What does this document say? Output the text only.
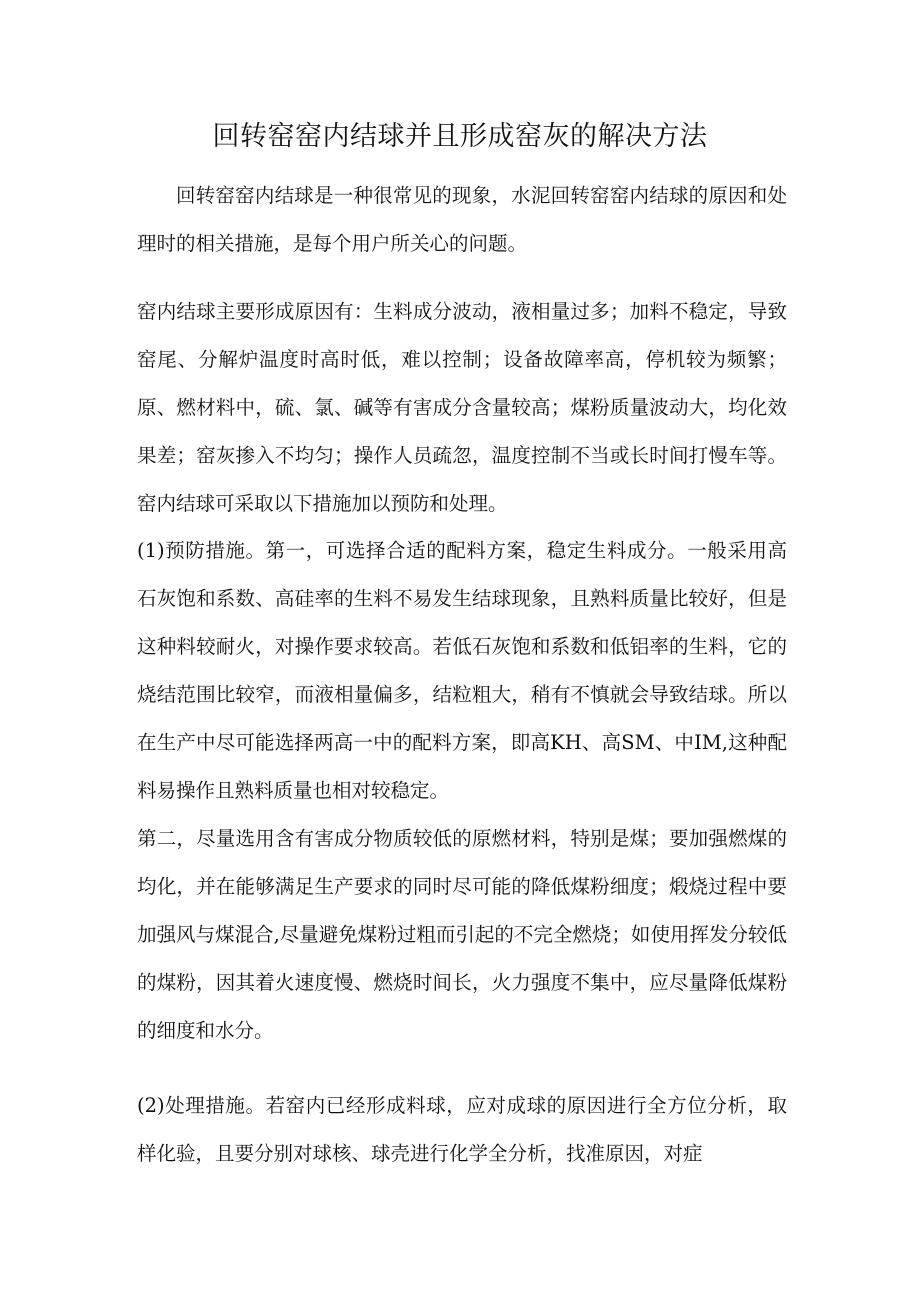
回转窑窑内结球并且形成窑灰的解决方法

回转窑窑内结球是一种很常见的现象，水泥回转窑窑内结球的原因和处理时的相关措施，是每个用户所关心的问题。

窑内结球主要形成原因有：生料成分波动，液相量过多；加料不稳定，导致窑尾、分解炉温度时高时低，难以控制；设备故障率高，停机较为频繁；原、燃材料中，硫、氯、碱等有害成分含量较高；煤粉质量波动大，均化效果差；窑灰掺入不均匀；操作人员疏忽，温度控制不当或长时间打慢车等。窑内结球可采取以下措施加以预防和处理。

(1)预防措施。第一，可选择合适的配料方案，稳定生料成分。一般采用高石灰饱和系数、高硅率的生料不易发生结球现象，且熟料质量比较好，但是这种料较耐火，对操作要求较高。若低石灰饱和系数和低铝率的生料，它的烧结范围比较窄，而液相量偏多，结粒粗大，稍有不慎就会导致结球。所以在生产中尽可能选择两高一中的配料方案，即高KH、高SM、中IM,这种配料易操作且熟料质量也相对较稳定。

第二，尽量选用含有害成分物质较低的原燃材料，特别是煤；要加强燃煤的均化，并在能够满足生产要求的同时尽可能的降低煤粉细度；煅烧过程中要加强风与煤混合,尽量避免煤粉过粗而引起的不完全燃烧；如使用挥发分较低的煤粉，因其着火速度慢、燃烧时间长，火力强度不集中，应尽量降低煤粉的细度和水分。

(2)处理措施。若窑内已经形成料球，应对成球的原因进行全方位分析，取样化验，且要分别对球核、球壳进行化学全分析，找准原因，对症
